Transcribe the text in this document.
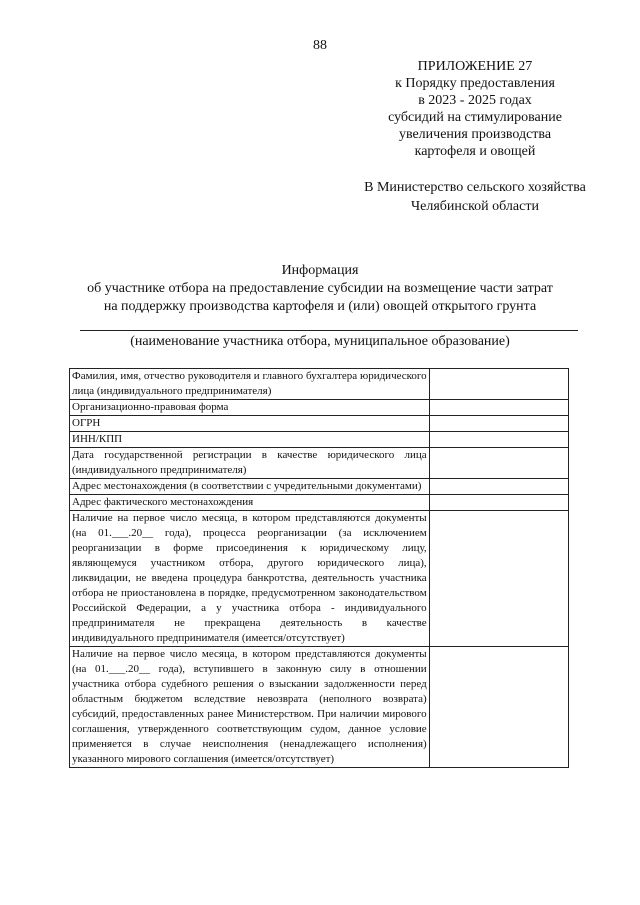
88
ПРИЛОЖЕНИЕ 27
к Порядку предоставления
в 2023 - 2025 годах
субсидий на стимулирование
увеличения производства
картофеля и овощей
В Министерство сельского хозяйства
Челябинской области
Информация
об участнике отбора на предоставление субсидии на возмещение части затрат
на поддержку производства картофеля и (или) овощей открытого грунта
(наименование участника отбора, муниципальное образование)
Фамилия, имя, отчество руководителя и главного бухгалтера юридического лица (индивидуального предпринимателя)	
Организационно-правовая форма	
ОГРН	
ИНН/КПП	
Дата государственной регистрации в качестве юридического лица (индивидуального предпринимателя)	
Адрес местонахождения (в соответствии с учредительными документами)	
Адрес фактического местонахождения	
Наличие на первое число месяца, в котором представляются документы (на 01.___.20__ года), процесса реорганизации (за исключением реорганизации в форме присоединения к юридическому лицу, являющемуся участником отбора, другого юридического лица), ликвидации, не введена процедура банкротства, деятельность участника отбора не приостановлена в порядке, предусмотренном законодательством Российской Федерации, а у участника отбора - индивидуального предпринимателя не прекращена деятельность в качестве индивидуального предпринимателя (имеется/отсутствует)	
Наличие на первое число месяца, в котором представляются документы (на 01.___.20__ года), вступившего в законную силу в отношении участника отбора судебного решения о взыскании задолженности перед областным бюджетом вследствие невозврата (неполного возврата) субсидий, предоставленных ранее Министерством. При наличии мирового соглашения, утвержденного соответствующим судом, данное условие применяется в случае неисполнения (ненадлежащего исполнения) указанного мирового соглашения (имеется/отсутствует)	
